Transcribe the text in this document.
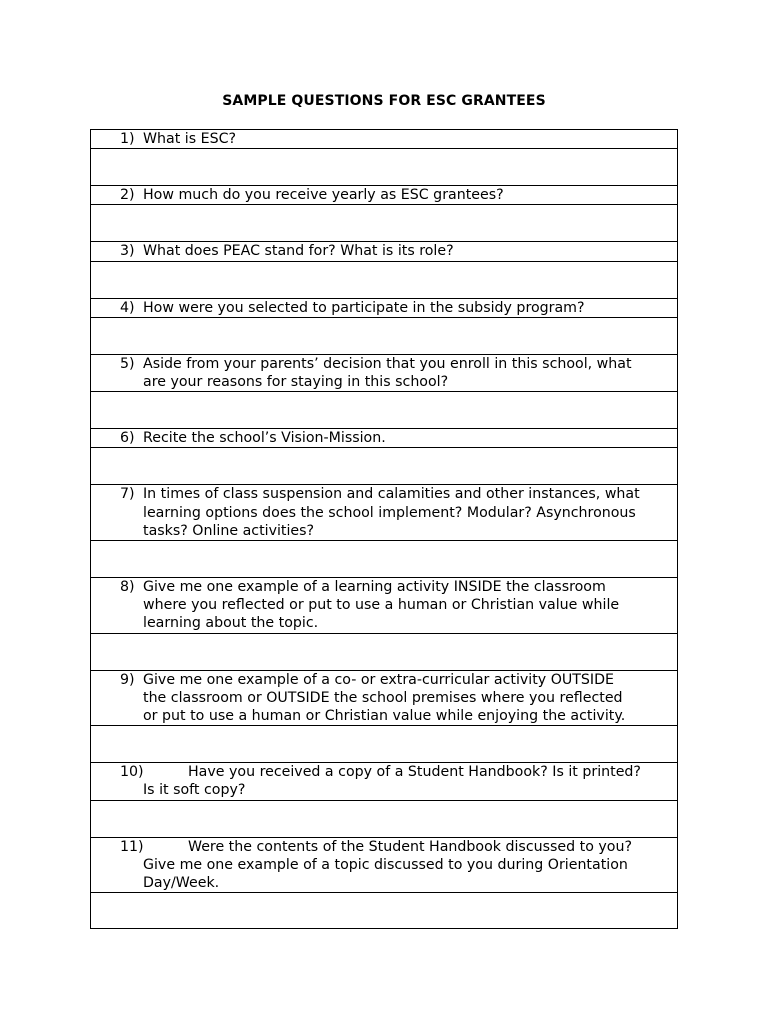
SAMPLE QUESTIONS FOR ESC GRANTEES
1) What is ESC?

2) How much do you receive yearly as ESC grantees?

3) What does PEAC stand for? What is its role?

4) How were you selected to participate in the subsidy program?

5) Aside from your parents’ decision that you enroll in this school, what
are your reasons for staying in this school?

6) Recite the school’s Vision-Mission.

7) In times of class suspension and calamities and other instances, what
learning options does the school implement? Modular? Asynchronous
tasks? Online activities?

8) Give me one example of a learning activity INSIDE the classroom
where you reflected or put to use a human or Christian value while
learning about the topic.

9) Give me one example of a co- or extra-curricular activity OUTSIDE
the classroom or OUTSIDE the school premises where you reflected
or put to use a human or Christian value while enjoying the activity.

10)	Have you received a copy of a Student Handbook? Is it printed?
Is it soft copy?

11)	Were the contents of the Student Handbook discussed to you?
Give me one example of a topic discussed to you during Orientation
Day/Week.
